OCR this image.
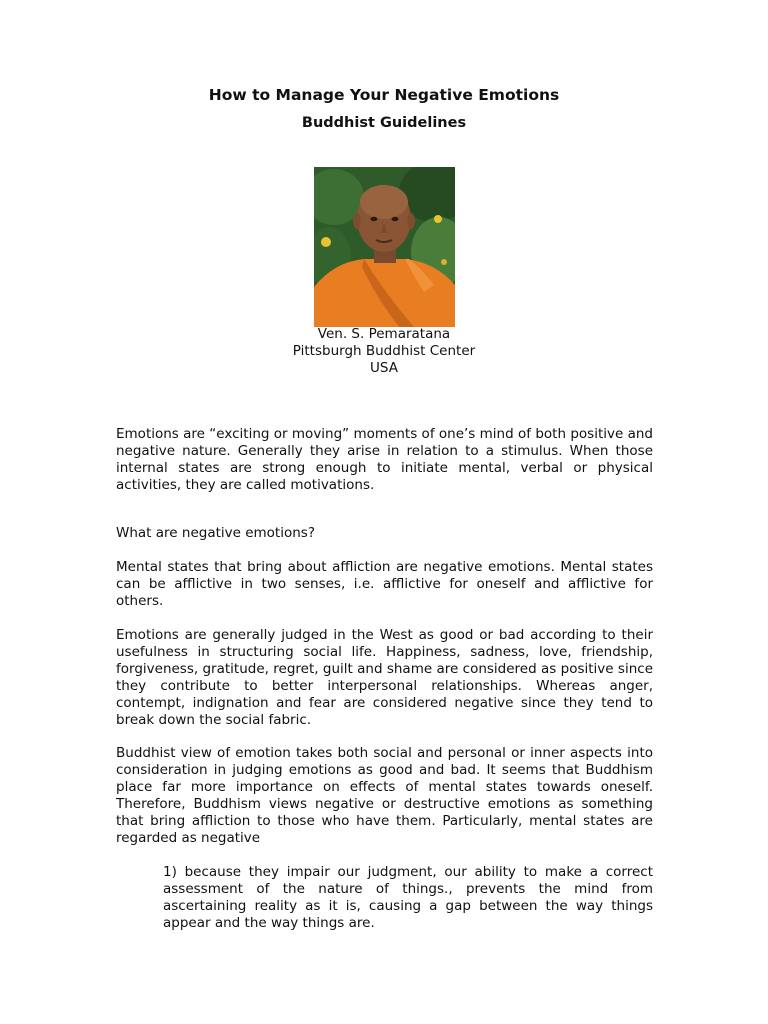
How to Manage Your Negative Emotions
Buddhist Guidelines
Ven. S. Pemaratana
Pittsburgh Buddhist Center
USA

Emotions are “exciting or moving” moments of one’s mind of both positive and negative nature. Generally they arise in relation to a stimulus. When those internal states are strong enough to initiate mental, verbal or physical activities, they are called motivations.

What are negative emotions?

Mental states that bring about affliction are negative emotions. Mental states can be afflictive in two senses, i.e. afflictive for oneself and afflictive for others.

Emotions are generally judged in the West as good or bad according to their usefulness in structuring social life. Happiness, sadness, love, friendship, forgiveness, gratitude, regret, guilt and shame are considered as positive since they contribute to better interpersonal relationships. Whereas anger, contempt, indignation and fear are considered negative since they tend to break down the social fabric.

Buddhist view of emotion takes both social and personal or inner aspects into consideration in judging emotions as good and bad. It seems that Buddhism place far more importance on effects of mental states towards oneself. Therefore, Buddhism views negative or destructive emotions as something that bring affliction to those who have them. Particularly, mental states are regarded as negative

1) because they impair our judgment, our ability to make a correct assessment of the nature of things., prevents the mind from ascertaining reality as it is, causing a gap between the way things appear and the way things are.
